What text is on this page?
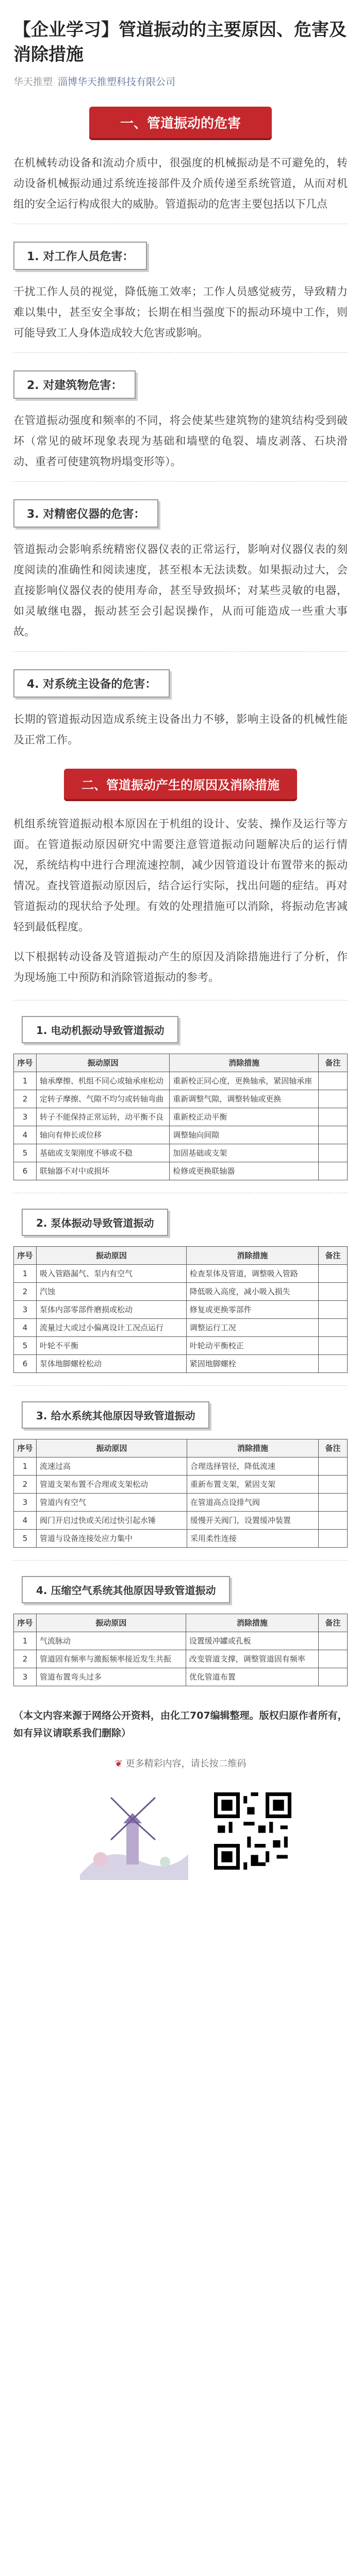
【企业学习】管道振动的主要原因、危害及消除措施
华天推塑 淄博华天推塑科技有限公司
一、管道振动的危害

在机械转动设备和流动介质中，很强度的机械振动是不可避免的，转动设备机械振动通过系统连接部件及介质传递至系统管道，从而对机组的安全运行构成很大的威胁。管道振动的危害主要包括以下几点

1. 对工作人员危害：

干扰工作人员的视觉，降低施工效率；工作人员感觉疲劳，导致精力难以集中，甚至安全事故；长期在相当强度下的振动环境中工作，则可能导致工人身体造成较大危害或影响。

2. 对建筑物危害：

在管道振动强度和频率的不同，将会使某些建筑物的建筑结构受到破坏（常见的破坏现象表现为基础和墙壁的龟裂、墙皮剥落、石块滑动、重者可使建筑物坍塌变形等）。

3. 对精密仪器的危害：

管道振动会影响系统精密仪器仪表的正常运行，影响对仪器仪表的刻度阅读的准确性和阅读速度，甚至根本无法读数。如果振动过大，会直接影响仪器仪表的使用寿命，甚至导致损坏；对某些灵敏的电器，如灵敏继电器，振动甚至会引起误操作，从而可能造成一些重大事故。

4. 对系统主设备的危害：

长期的管道振动因造成系统主设备出力不够，影响主设备的机械性能及正常工作。

二、管道振动产生的原因及消除措施

机组系统管道振动根本原因在于机组的设计、安装、操作及运行等方面。在管道振动原因研究中需要注意管道振动问题解决后的运行情况，系统结构中进行合理流速控制，减少因管道设计布置带来的振动情况。查找管道振动原因后，结合运行实际，找出问题的症结。再对管道振动的现状给予处理。有效的处理措施可以消除，将振动危害减轻到最低程度。

以下根据转动设备及管道振动产生的原因及消除措施进行了分析，作为现场施工中预防和消除管道振动的参考。

1. 电动机振动导致管道振动
序号	振动原因	消除措施	备注
1	轴承摩擦、机组不同心或轴承座松动	重新校正同心度，更换轴承，紧固轴承座	
2	定转子摩擦、气隙不均匀或转轴弯曲	重新调整气隙，调整转轴或更换	
3	转子不能保持正常运转，动平衡不良	重新校正动平衡	
4	轴向有伸长或位移	调整轴向间隙	
5	基础或支架刚度不够或不稳	加固基础或支架	
6	联轴器不对中或损坏	检修或更换联轴器	
2. 泵体振动导致管道振动
序号	振动原因	消除措施	备注
1	吸入管路漏气、泵内有空气	检查泵体及管道，调整吸入管路	
2	汽蚀	降低吸入高度，减小吸入损失	
3	泵体内部零部件磨损或松动	修复或更换零部件	
4	流量过大或过小偏离设计工况点运行	调整运行工况	
5	叶轮不平衡	叶轮动平衡校正	
6	泵体地脚螺栓松动	紧固地脚螺栓	
3. 给水系统其他原因导致管道振动
序号	振动原因	消除措施	备注
1	流速过高	合理选择管径，降低流速	
2	管道支架布置不合理或支架松动	重新布置支架，紧固支架	
3	管道内有空气	在管道高点设排气阀	
4	阀门开启过快或关闭过快引起水锤	缓慢开关阀门，设置缓冲装置	
5	管道与设备连接处应力集中	采用柔性连接	
4. 压缩空气系统其他原因导致管道振动
序号	振动原因	消除措施	备注
1	气流脉动	设置缓冲罐或孔板	
2	管道固有频率与激振频率接近发生共振	改变管道支撑，调整管道固有频率	
3	管道布置弯头过多	优化管道布置	

（本文内容来源于网络公开资料，由化工707编辑整理。版权归原作者所有，如有异议请联系我们删除）

❦ 更多精彩内容，请长按二维码
